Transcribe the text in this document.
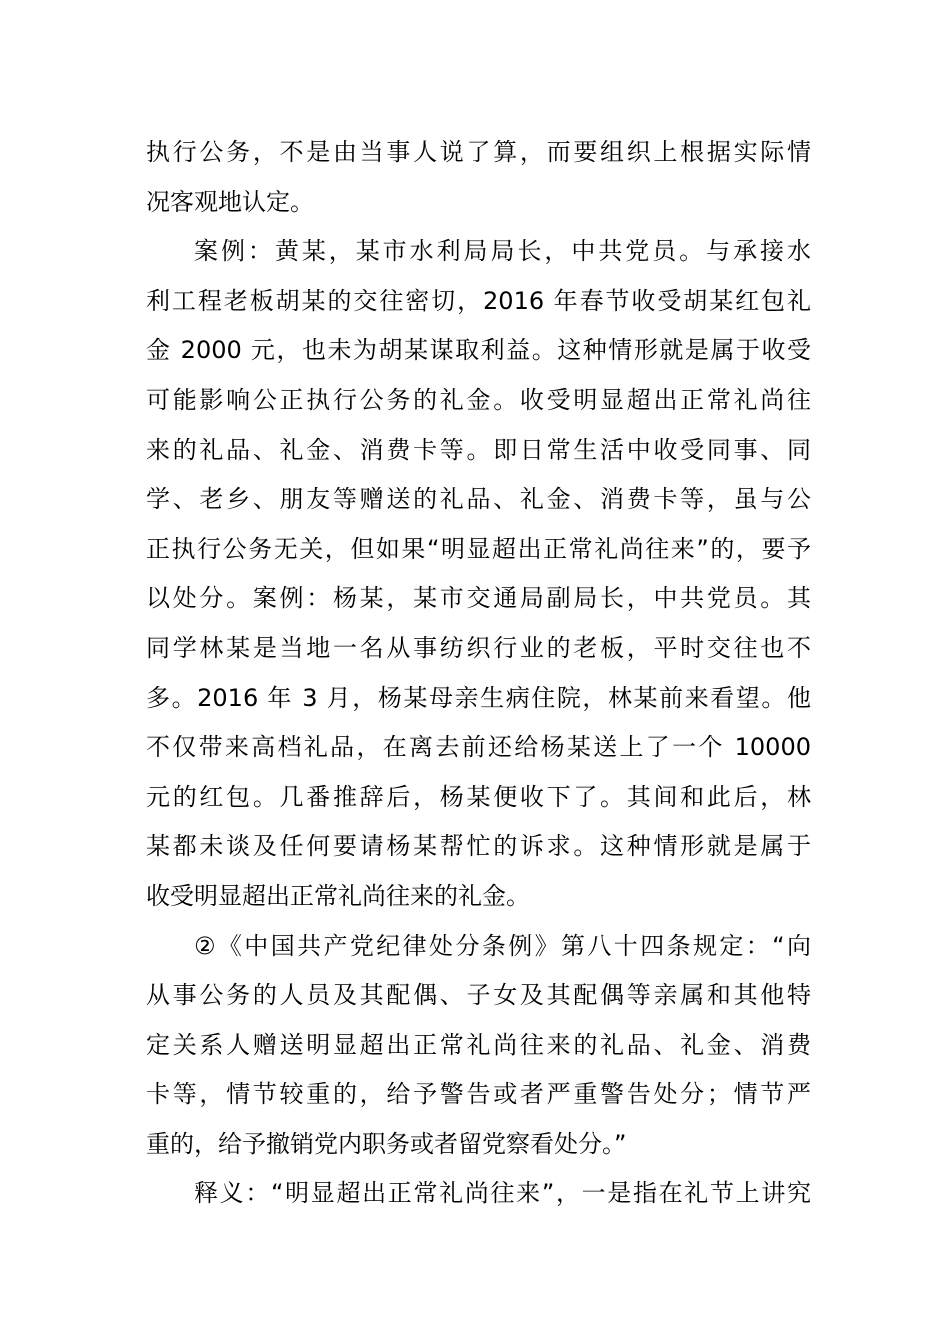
执行公务，不是由当事人说了算，而要组织上根据实际情
况客观地认定。
案例：黄某，某市水利局局长，中共党员。与承接水
利工程老板胡某的交往密切，2016 年春节收受胡某红包礼
金 2000 元，也未为胡某谋取利益。这种情形就是属于收受
可能影响公正执行公务的礼金。收受明显超出正常礼尚往
来的礼品、礼金、消费卡等。即日常生活中收受同事、同
学、老乡、朋友等赠送的礼品、礼金、消费卡等，虽与公
正执行公务无关，但如果“明显超出正常礼尚往来”的，要予
以处分。案例：杨某，某市交通局副局长，中共党员。其
同学林某是当地一名从事纺织行业的老板，平时交往也不
多。2016 年 3 月，杨某母亲生病住院，林某前来看望。他
不仅带来高档礼品，在离去前还给杨某送上了一个 10000
元的红包。几番推辞后，杨某便收下了。其间和此后，林
某都未谈及任何要请杨某帮忙的诉求。这种情形就是属于
收受明显超出正常礼尚往来的礼金。
②《中国共产党纪律处分条例》第八十四条规定：“向
从事公务的人员及其配偶、子女及其配偶等亲属和其他特
定关系人赠送明显超出正常礼尚往来的礼品、礼金、消费
卡等，情节较重的，给予警告或者严重警告处分；情节严
重的，给予撤销党内职务或者留党察看处分。”
释义：“明显超出正常礼尚往来”，一是指在礼节上讲究
